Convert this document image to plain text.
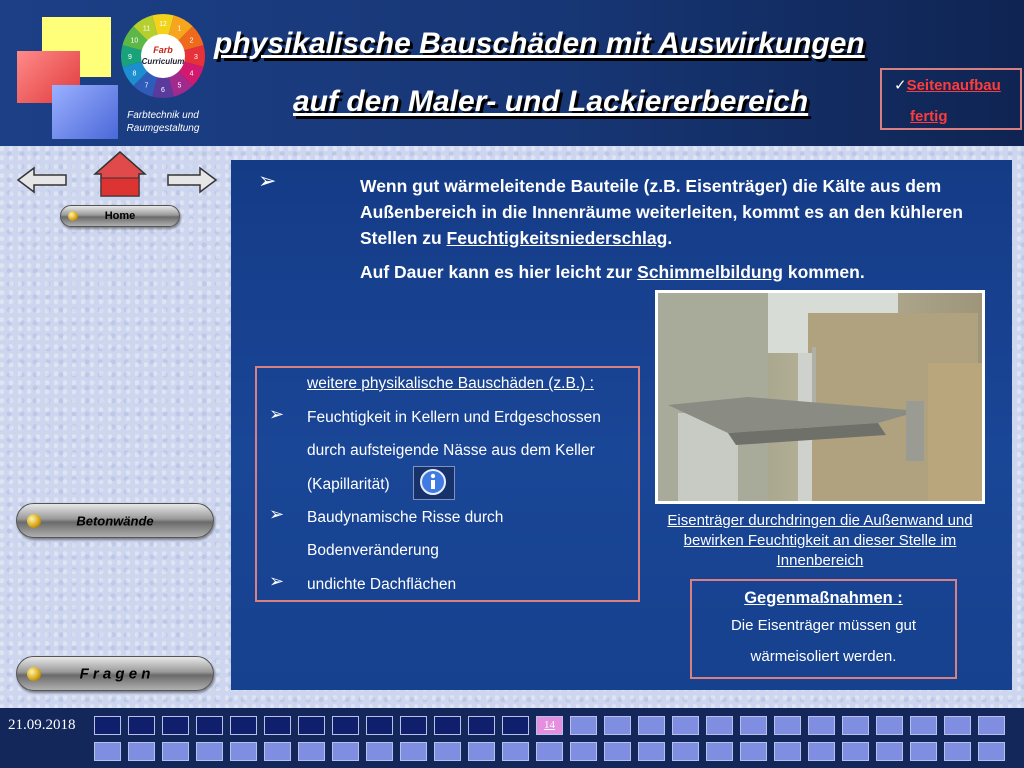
12
1
2
3
4
5
6
7
8
9
10
11
Farb
Curriculum
Farbtechnik und
Raumgestaltung
physikalische Bauschäden mit Auswirkungen
auf den Maler- und Lackiererbereich	✓Seitenaufbau
fertig
Home
Betonwände
F r a g e n
➢	Wenn gut wärmeleitende Bauteile (z.B. Eisenträger) die Kälte aus dem Außenbereich in die Innenräume weiterleiten, kommt es an den kühleren Stellen zu Feuchtigkeitsniederschlag.
Auf Dauer kann es hier leicht zur Schimmelbildung kommen.
Eisenträger durchdringen die Außenwand und bewirken Feuchtigkeit an dieser Stelle im Innenbereich
Gegenmaßnahmen :
Die Eisenträger müssen gut
wärmeisoliert werden.
weitere physikalische Bauschäden (z.B.) :
➢ Feuchtigkeit in Kellern und Erdgeschossen
durch aufsteigende Nässe aus dem Keller
(Kapillarität)
➢ Baudynamische Risse durch
Bodenveränderung
➢ undichte Dachflächen
21.09.2018	14
